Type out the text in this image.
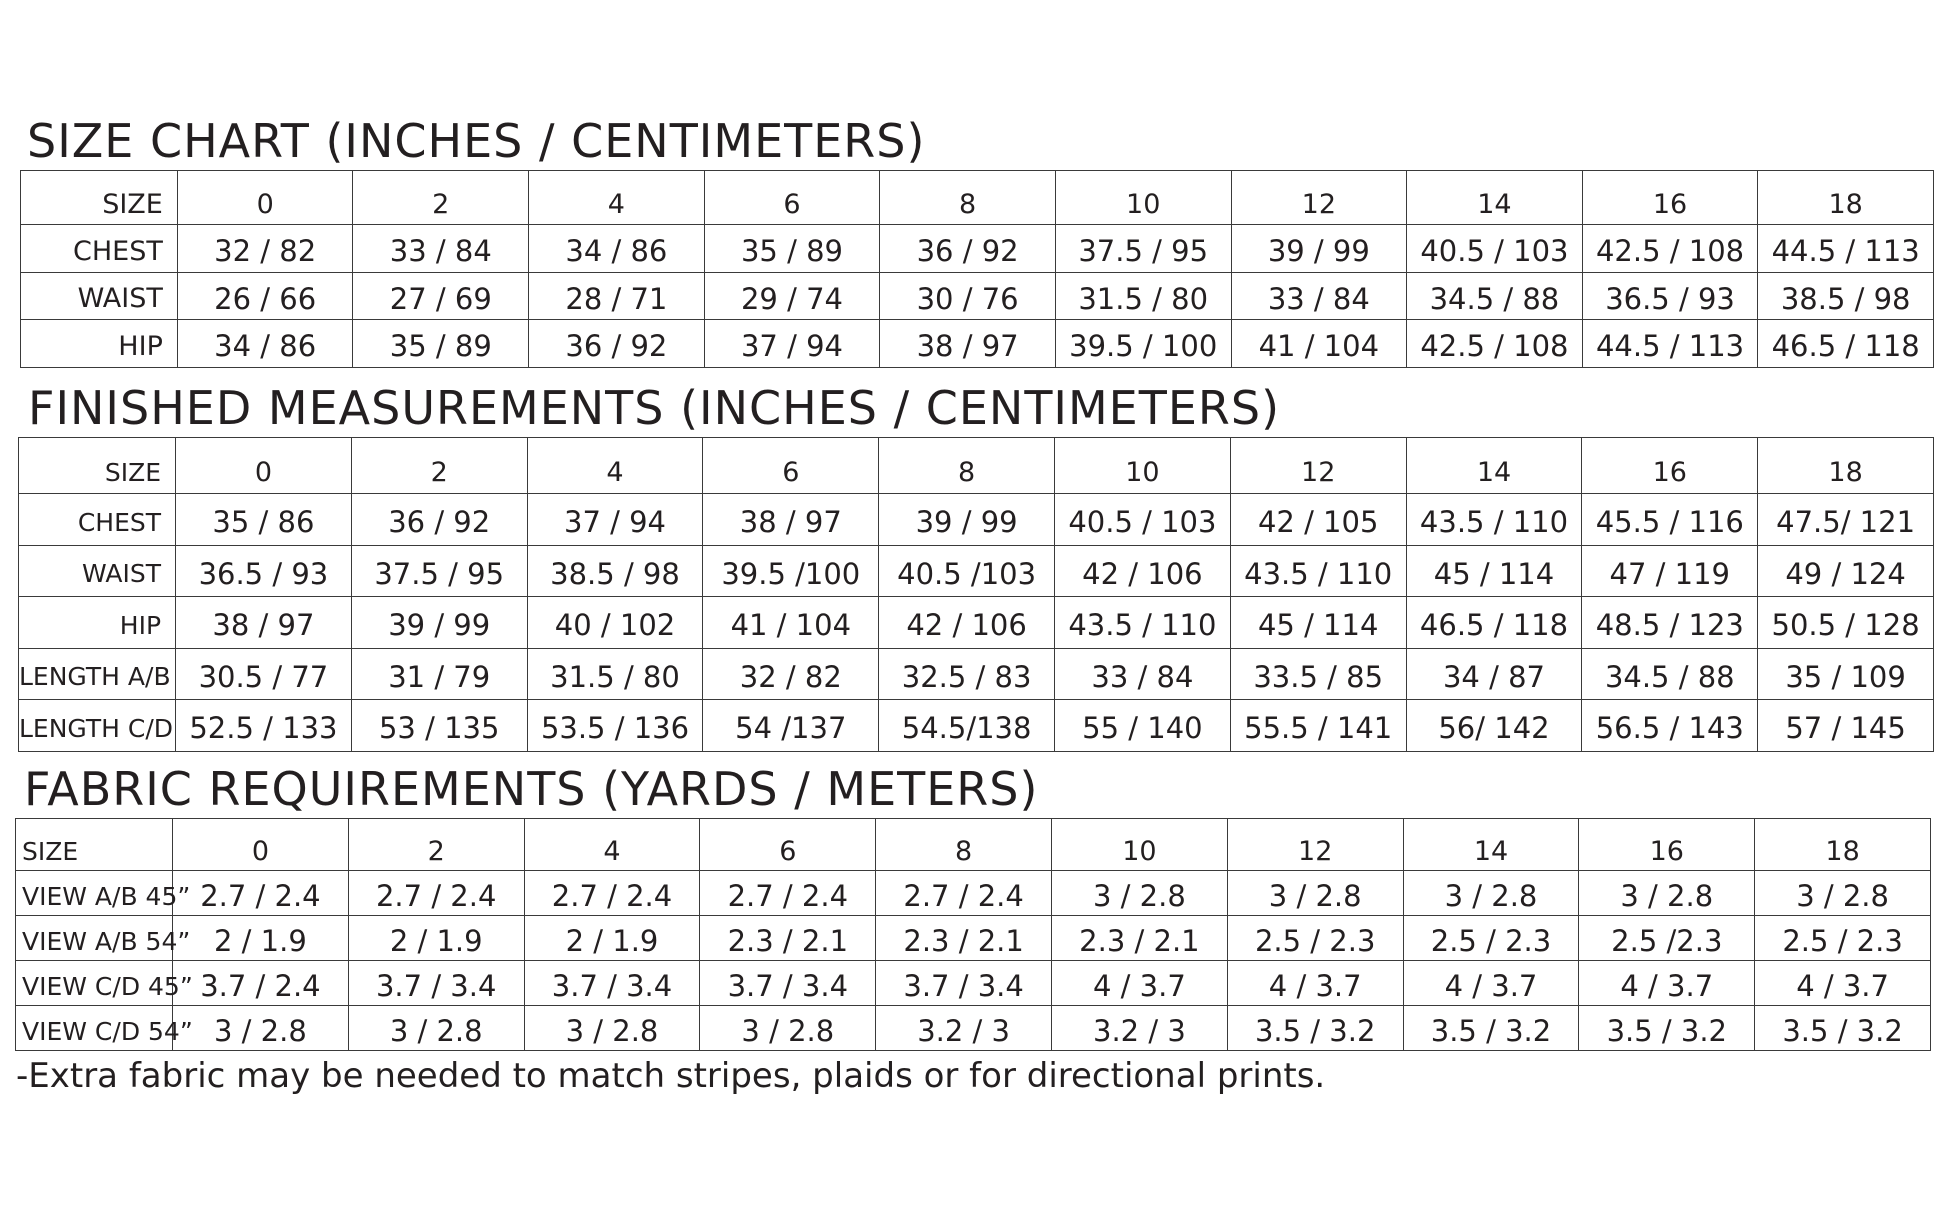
SIZE CHART (INCHES / CENTIMETERS)
SIZE	0	2	4	6	8	10	12	14	16	18
CHEST	32 / 82	33 / 84	34 / 86	35 / 89	36 / 92	37.5 / 95	39 / 99	40.5 / 103	42.5 / 108	44.5 / 113
WAIST	26 / 66	27 / 69	28 / 71	29 / 74	30 / 76	31.5 / 80	33 / 84	34.5 / 88	36.5 / 93	38.5 / 98
HIP	34 / 86	35 / 89	36 / 92	37 / 94	38 / 97	39.5 / 100	41 / 104	42.5 / 108	44.5 / 113	46.5 / 118
FINISHED MEASUREMENTS (INCHES / CENTIMETERS)
SIZE	0	2	4	6	8	10	12	14	16	18
CHEST	35 / 86	36 / 92	37 / 94	38 / 97	39 / 99	40.5 / 103	42 / 105	43.5 / 110	45.5 / 116	47.5/ 121
WAIST	36.5 / 93	37.5 / 95	38.5 / 98	39.5 /100	40.5 /103	42 / 106	43.5 / 110	45 / 114	47 / 119	49 / 124
HIP	38 / 97	39 / 99	40 / 102	41 / 104	42 / 106	43.5 / 110	45 / 114	46.5 / 118	48.5 / 123	50.5 / 128
LENGTH A/B	30.5 / 77	31 / 79	31.5 / 80	32 / 82	32.5 / 83	33 / 84	33.5 / 85	34 / 87	34.5 / 88	35 / 109
LENGTH C/D	52.5 / 133	53 / 135	53.5 / 136	54 /137	54.5/138	55 / 140	55.5 / 141	56/ 142	56.5 / 143	57 / 145
FABRIC REQUIREMENTS (YARDS / METERS)
SIZE	0	2	4	6	8	10	12	14	16	18
VIEW A/B 45”	2.7 / 2.4	2.7 / 2.4	2.7 / 2.4	2.7 / 2.4	2.7 / 2.4	3 / 2.8	3 / 2.8	3 / 2.8	3 / 2.8	3 / 2.8
VIEW A/B 54”	2 / 1.9	2 / 1.9	2 / 1.9	2.3 / 2.1	2.3 / 2.1	2.3 / 2.1	2.5 / 2.3	2.5 / 2.3	2.5 /2.3	2.5 / 2.3
VIEW C/D 45”	3.7 / 2.4	3.7 / 3.4	3.7 / 3.4	3.7 / 3.4	3.7 / 3.4	4 / 3.7	4 / 3.7	4 / 3.7	4 / 3.7	4 / 3.7
VIEW C/D 54”	3 / 2.8	3 / 2.8	3 / 2.8	3 / 2.8	3.2 / 3	3.2 / 3	3.5 / 3.2	3.5 / 3.2	3.5 / 3.2	3.5 / 3.2

-Extra fabric may be needed to match stripes, plaids or for directional prints.
